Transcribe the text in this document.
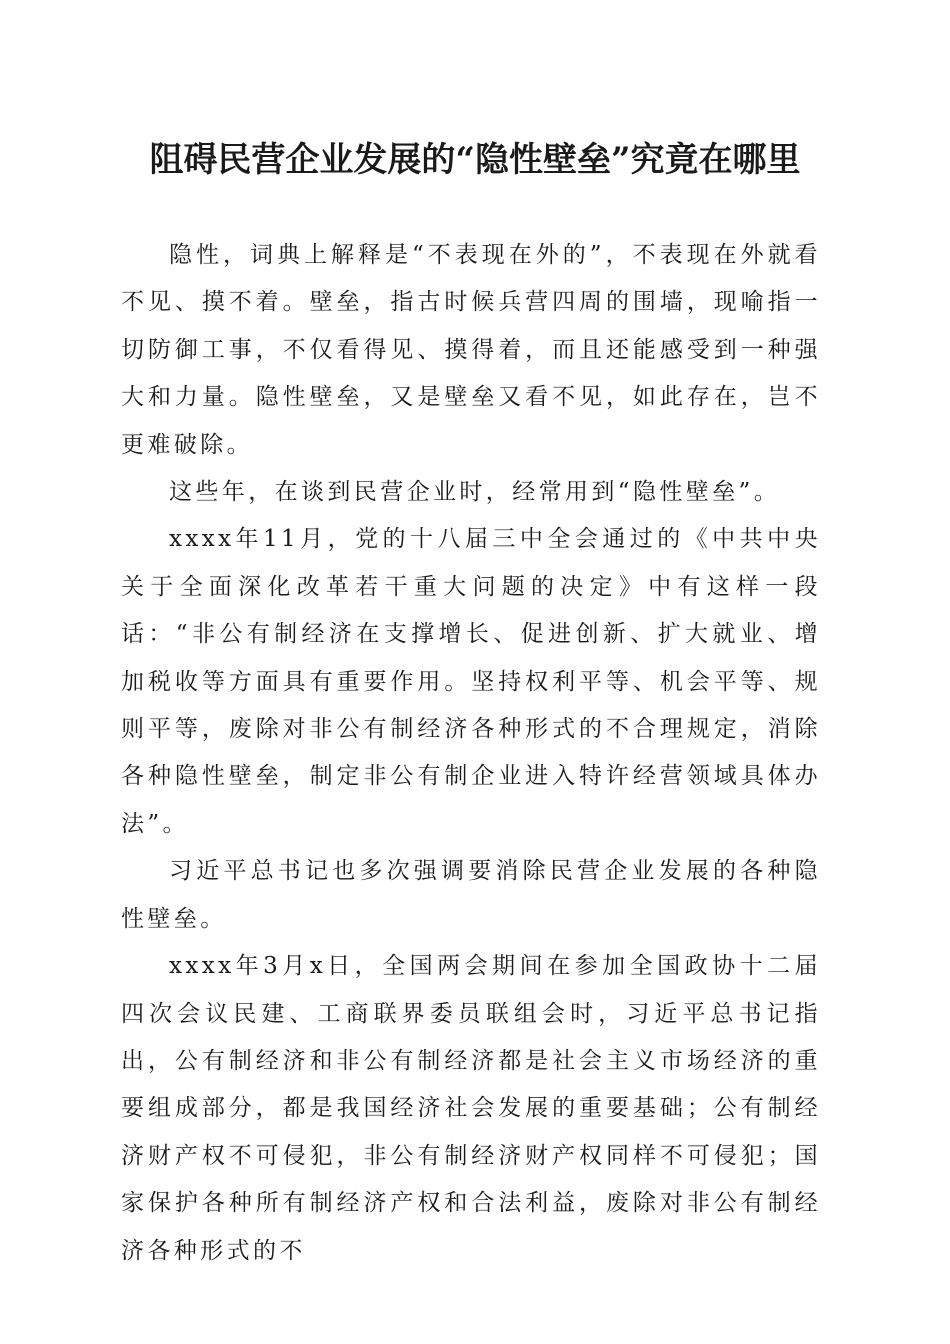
阻碍民营企业发展的“隐性壁垒”究竟在哪里

隐性，词典上解释是“不表现在外的”，不表现在外就看不见、摸不着。壁垒，指古时候兵营四周的围墙，现喻指一切防御工事，不仅看得见、摸得着，而且还能感受到一种强大和力量。隐性壁垒，又是壁垒又看不见，如此存在，岂不更难破除。

这些年，在谈到民营企业时，经常用到“隐性壁垒”。

xxxx年11月，党的十八届三中全会通过的《中共中央关于全面深化改革若干重大问题的决定》中有这样一段话：“非公有制经济在支撑增长、促进创新、扩大就业、增加税收等方面具有重要作用。坚持权利平等、机会平等、规则平等，废除对非公有制经济各种形式的不合理规定，消除各种隐性壁垒，制定非公有制企业进入特许经营领域具体办法”。

习近平总书记也多次强调要消除民营企业发展的各种隐性壁垒。

xxxx年3月x日，全国两会期间在参加全国政协十二届四次会议民建、工商联界委员联组会时，习近平总书记指出，公有制经济和非公有制经济都是社会主义市场经济的重要组成部分，都是我国经济社会发展的重要基础；公有制经济财产权不可侵犯，非公有制经济财产权同样不可侵犯；国家保护各种所有制经济产权和合法利益，废除对非公有制经济各种形式的不
